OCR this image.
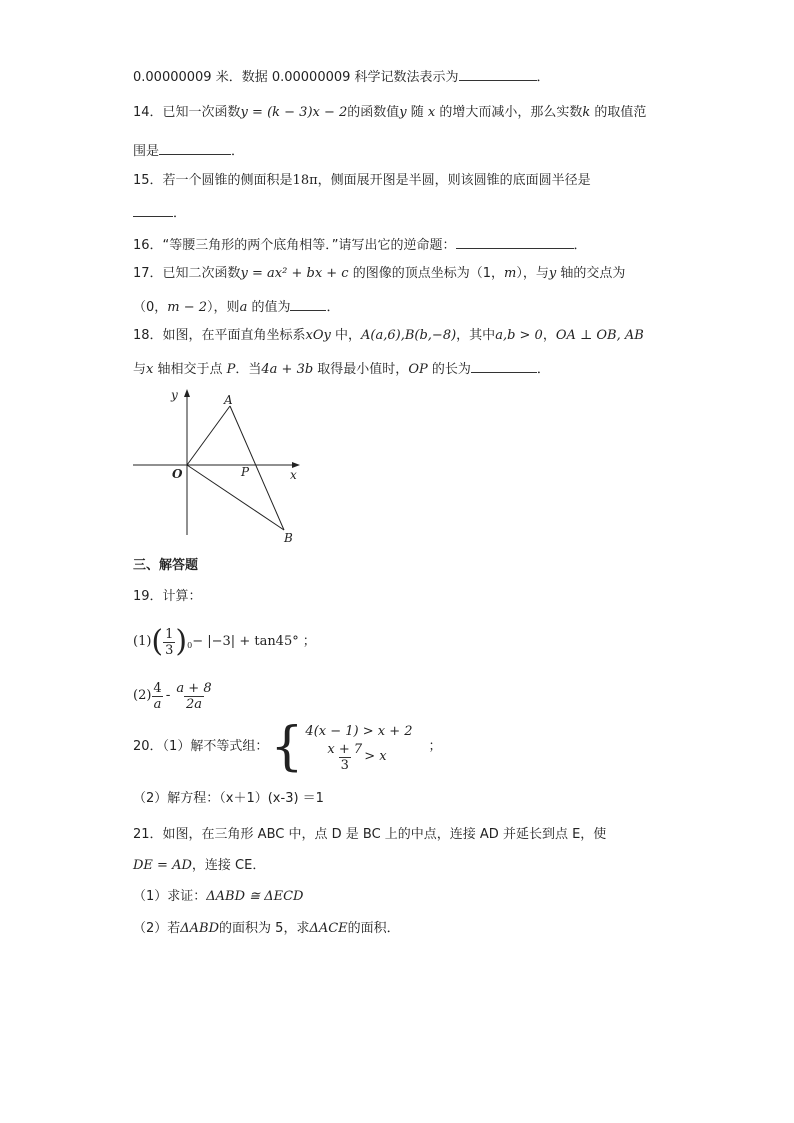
0.00000009 米．数据 0.00000009 科学记数法表示为	．
14．已知一次函数y = (k − 3)x − 2的函数值y 随 x 的增大而减小，那么实数k 的取值范
围是	．
15．若一个圆锥的侧面积是18π，侧面展开图是半圆，则该圆锥的底面圆半径是
．
16．“等腰三角形的两个底角相等．”请写出它的逆命题：	．
17．已知二次函数y = ax² + bx + c 的图像的顶点坐标为（1，m），与y 轴的交点为
（0，m − 2），则a 的值为	．
18．如图，在平面直角坐标系xOy 中，A(a,6),B(b,−8)，其中a,b > 0，OA ⊥ OB, AB
与x 轴相交于点 P．当4a + 3b 取得最小值时，OP 的长为	．
y
x
O
A
P
B
三、解答题
19．计算：
(1) ( $\frac{1}{3}$ ) 0 − |−3| + tan45° ；
$(2) \frac{4}{a} - \frac{a + 8}{2a}$
20．（1）解不等式组： { 4(x − 1) > x + 2
$\frac{x + 7}{3} > x$
；
（2）解方程：（x＋1）(x-3) ＝1
21．如图，在三角形 ABC 中，点 D 是 BC 上的中点，连接 AD 并延长到点 E，使
DE = AD，连接 CE．
（1）求证：ΔABD ≅ ΔECD
（2）若ΔABD的面积为 5，求ΔACE的面积．
